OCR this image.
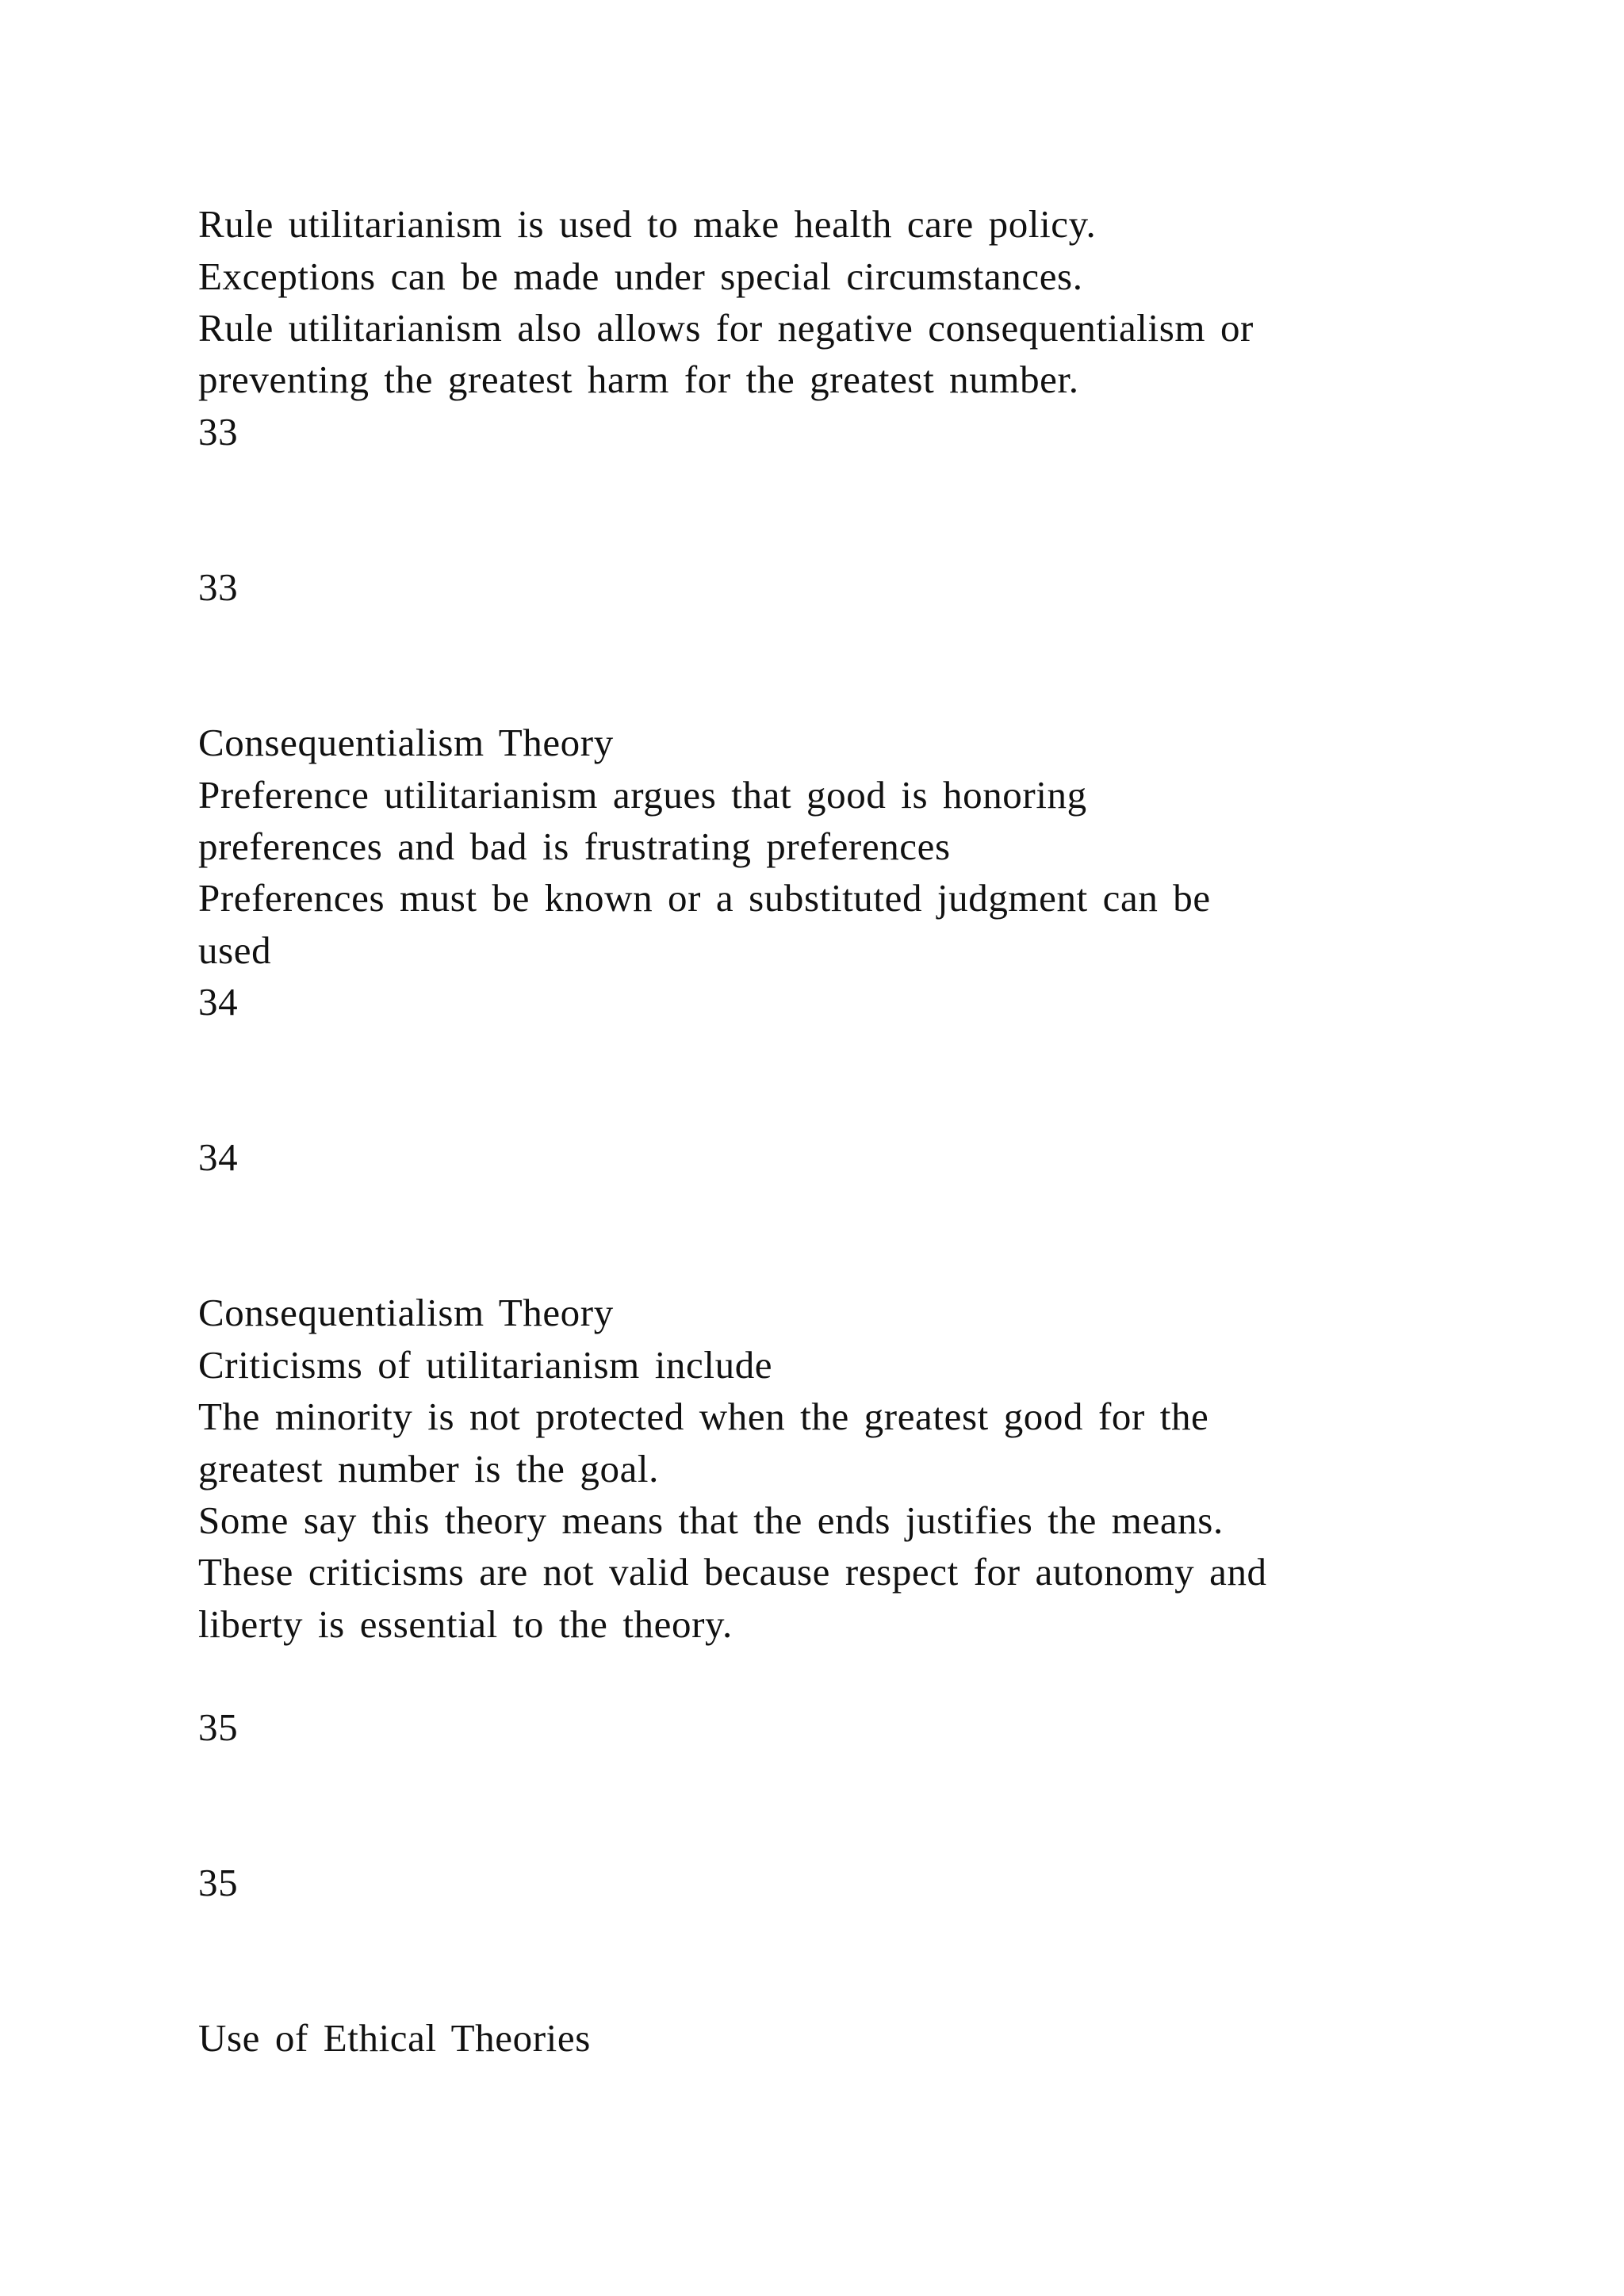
Rule utilitarianism is used to make health care policy.
Exceptions can be made under special circumstances.
Rule utilitarianism also allows for negative consequentialism or
preventing the greatest harm for the greatest number.
33
33
Consequentialism Theory
Preference utilitarianism argues that good is honoring
preferences and bad is frustrating preferences
Preferences must be known or a substituted judgment can be
used
34
34
Consequentialism Theory
Criticisms of utilitarianism include
The minority is not protected when the greatest good for the
greatest number is the goal.
Some say this theory means that the ends justifies the means.
These criticisms are not valid because respect for autonomy and
liberty is essential to the theory.
35
35
Use of Ethical Theories
